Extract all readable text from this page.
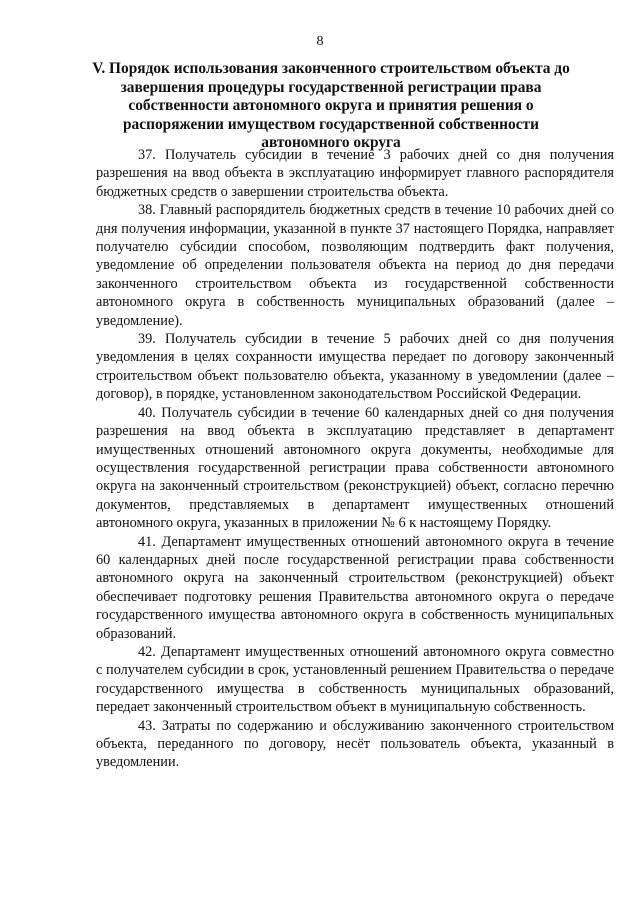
8
V. Порядок использования законченного строительством объекта до завершения процедуры государственной регистрации права собственности автономного округа и принятия решения о распоряжении имуществом государственной собственности автономного округа

37. Получатель субсидии в течение 3 рабочих дней со дня получения разрешения на ввод объекта в эксплуатацию информирует главного распорядителя бюджетных средств о завершении строительства объекта.

38. Главный распорядитель бюджетных средств в течение 10 рабочих дней со дня получения информации, указанной в пункте 37 настоящего Порядка, направляет получателю субсидии способом, позволяющим подтвердить факт получения, уведомление об определении пользователя объекта на период до дня передачи законченного строительством объекта из государственной собственности автономного округа в собственность муниципальных образований (далее – уведомление).

39. Получатель субсидии в течение 5 рабочих дней со дня получения уведомления в целях сохранности имущества передает по договору законченный строительством объект пользователю объекта, указанному в уведомлении (далее – договор), в порядке, установленном законодательством Российской Федерации.

40. Получатель субсидии в течение 60 календарных дней со дня получения разрешения на ввод объекта в эксплуатацию представляет в департамент имущественных отношений автономного округа документы, необходимые для осуществления государственной регистрации права собственности автономного округа на законченный строительством (реконструкцией) объект, согласно перечню документов, представляемых в департамент имущественных отношений автономного округа, указанных в приложении № 6 к настоящему Порядку.

41. Департамент имущественных отношений автономного округа в течение 60 календарных дней после государственной регистрации права собственности автономного округа на законченный строительством (реконструкцией) объект обеспечивает подготовку решения Правительства автономного округа о передаче государственного имущества автономного округа в собственность муниципальных образований.

42. Департамент имущественных отношений автономного округа совместно с получателем субсидии в срок, установленный решением Правительства о передаче государственного имущества в собственность муниципальных образований, передает законченный строительством объект в муниципальную собственность.

43. Затраты по содержанию и обслуживанию законченного строительством объекта, переданного по договору, несёт пользователь объекта, указанный в уведомлении.
